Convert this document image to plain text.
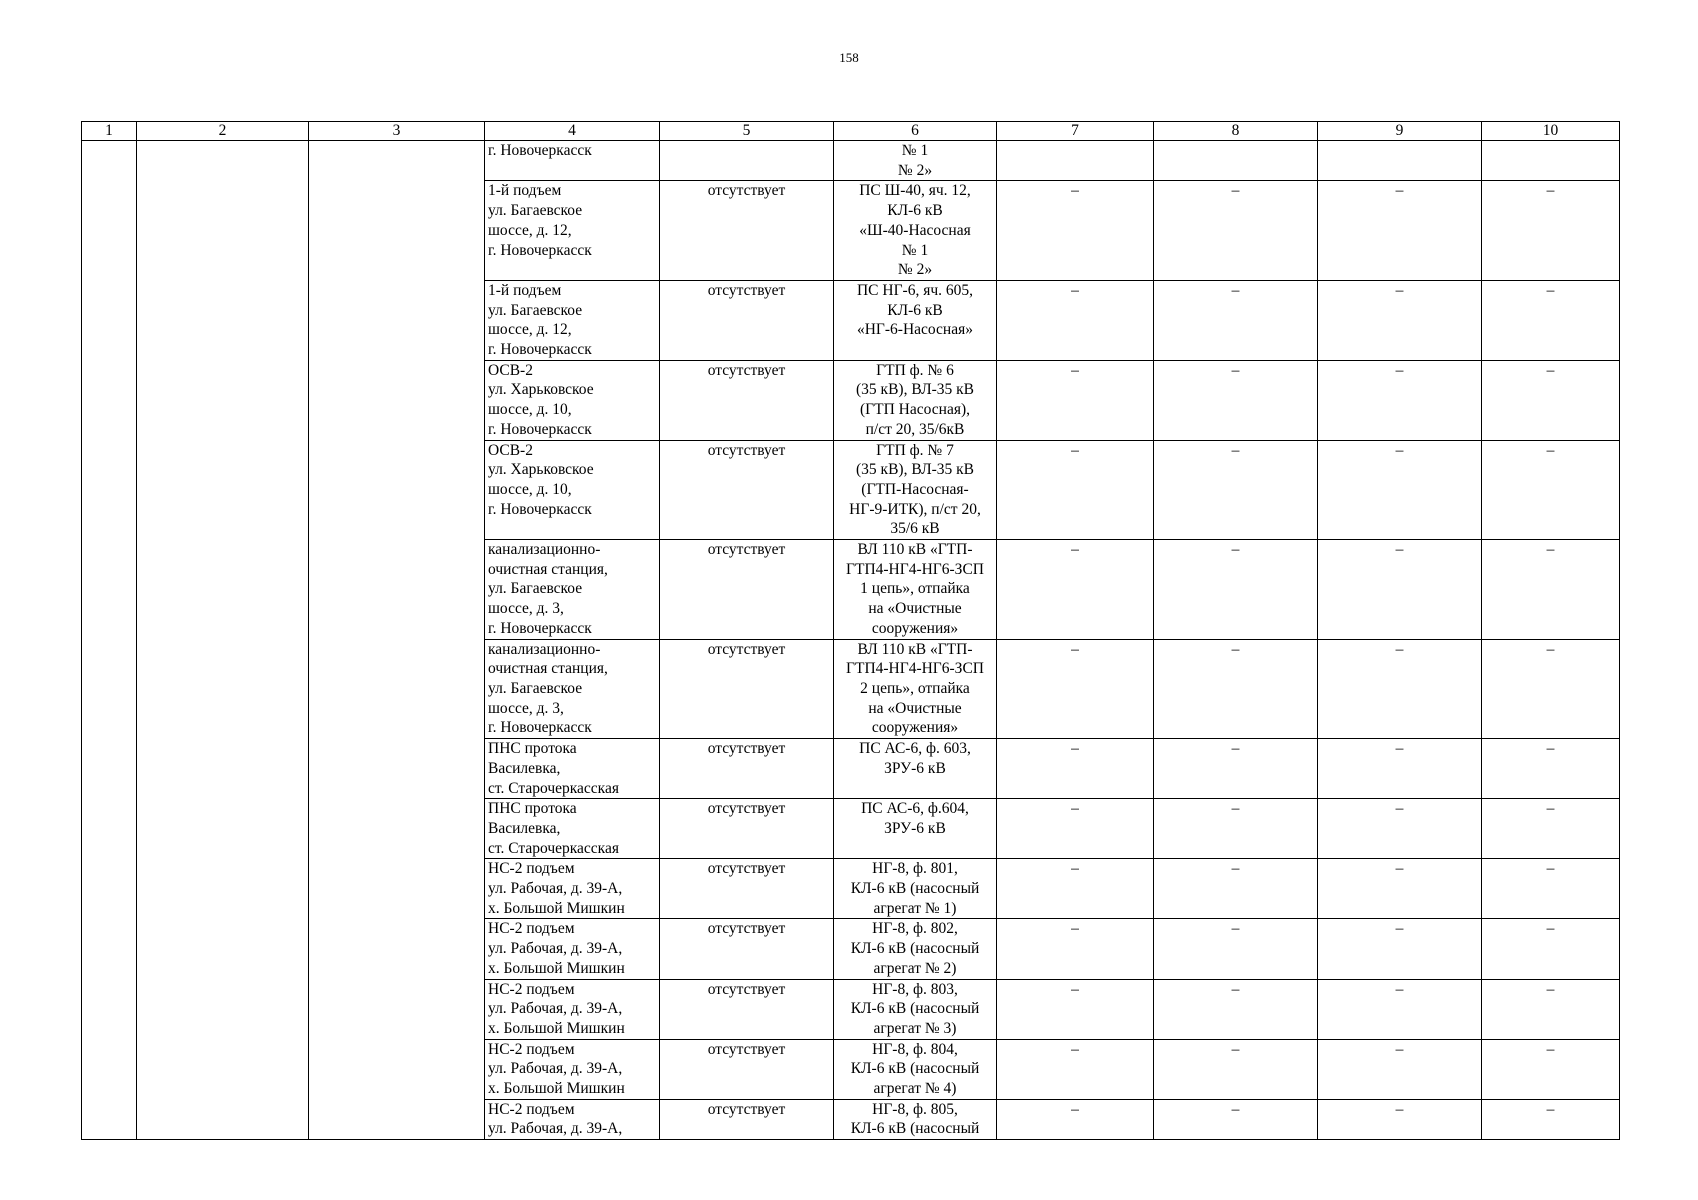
158
1	2	3	4	5	6	7	8	9	10
			г. Новочеркасск		№ 1
№ 2»				
			1-й подъем
ул. Багаевское
шоссе, д. 12,
г. Новочеркасск	отсутствует	ПС Ш-40, яч. 12,
КЛ-6 кВ
«Ш-40-Насосная
№ 1
№ 2»	–	–	–	–
			1-й подъем
ул. Багаевское
шоссе, д. 12,
г. Новочеркасск	отсутствует	ПС НГ-6, яч. 605,
КЛ-6 кВ
«НГ-6-Насосная»	–	–	–	–
			ОСВ-2
ул. Харьковское
шоссе, д. 10,
г. Новочеркасск	отсутствует	ГТП ф. № 6
(35 кВ), ВЛ-35 кВ
(ГТП Насосная),
п/ст 20, 35/6кВ	–	–	–	–
			ОСВ-2
ул. Харьковское
шоссе, д. 10,
г. Новочеркасск	отсутствует	ГТП ф. № 7
(35 кВ), ВЛ-35 кВ
(ГТП-Насосная-
НГ-9-ИТК), п/ст 20,
35/6 кВ	–	–	–	–
			канализационно-
очистная станция,
ул. Багаевское
шоссе, д. 3,
г. Новочеркасск	отсутствует	ВЛ 110 кВ «ГТП-
ГТП4-НГ4-НГ6-ЗСП
1 цепь», отпайка
на «Очистные
сооружения»	–	–	–	–
			канализационно-
очистная станция,
ул. Багаевское
шоссе, д. 3,
г. Новочеркасск	отсутствует	ВЛ 110 кВ «ГТП-
ГТП4-НГ4-НГ6-ЗСП
2 цепь», отпайка
на «Очистные
сооружения»	–	–	–	–
			ПНС протока
Василевка,
ст. Старочеркасская	отсутствует	ПС АС-6, ф. 603,
ЗРУ-6 кВ	–	–	–	–
			ПНС протока
Василевка,
ст. Старочеркасская	отсутствует	ПС АС-6, ф.604,
ЗРУ-6 кВ	–	–	–	–
			НС-2 подъем
ул. Рабочая, д. 39-А,
х. Большой Мишкин	отсутствует	НГ-8, ф. 801,
КЛ-6 кВ (насосный
агрегат № 1)	–	–	–	–
			НС-2 подъем
ул. Рабочая, д. 39-А,
х. Большой Мишкин	отсутствует	НГ-8, ф. 802,
КЛ-6 кВ (насосный
агрегат № 2)	–	–	–	–
			НС-2 подъем
ул. Рабочая, д. 39-А,
х. Большой Мишкин	отсутствует	НГ-8, ф. 803,
КЛ-6 кВ (насосный
агрегат № 3)	–	–	–	–
			НС-2 подъем
ул. Рабочая, д. 39-А,
х. Большой Мишкин	отсутствует	НГ-8, ф. 804,
КЛ-6 кВ (насосный
агрегат № 4)	–	–	–	–
			НС-2 подъем
ул. Рабочая, д. 39-А,	отсутствует	НГ-8, ф. 805,
КЛ-6 кВ (насосный	–	–	–	–
